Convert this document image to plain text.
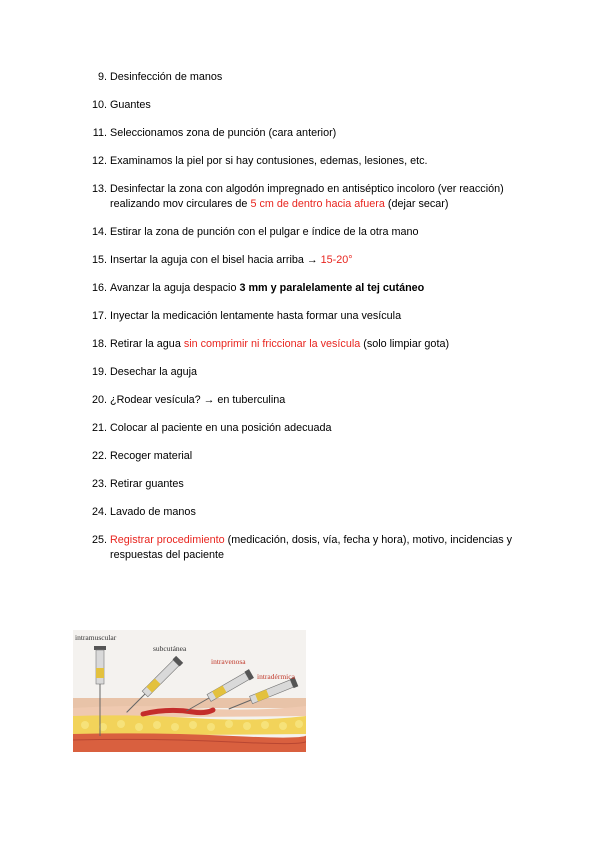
9. Desinfección de manos
10. Guantes
11. Seleccionamos zona de punción (cara anterior)
12. Examinamos la piel por si hay contusiones, edemas, lesiones, etc.
13. Desinfectar la zona con algodón impregnado en antiséptico incoloro (ver reacción) realizando mov circulares de 5 cm de dentro hacia afuera (dejar secar)
14. Estirar la zona de punción con el pulgar e índice de la otra mano
15. Insertar la aguja con el bisel hacia arriba → 15-20°
16. Avanzar la aguja despacio 3 mm y paralelamente al tej cutáneo
17. Inyectar la medicación lentamente hasta formar una vesícula
18. Retirar la agua sin comprimir ni friccionar la vesícula (solo limpiar gota)
19. Desechar la aguja
20. ¿Rodear vesícula? → en tuberculina
21. Colocar al paciente en una posición adecuada
22. Recoger material
23. Retirar guantes
24. Lavado de manos
25. Registrar procedimiento (medicación, dosis, vía, fecha y hora), motivo, incidencias y respuestas del paciente
intramuscular
subcutánea
intravenosa
intradérmica
